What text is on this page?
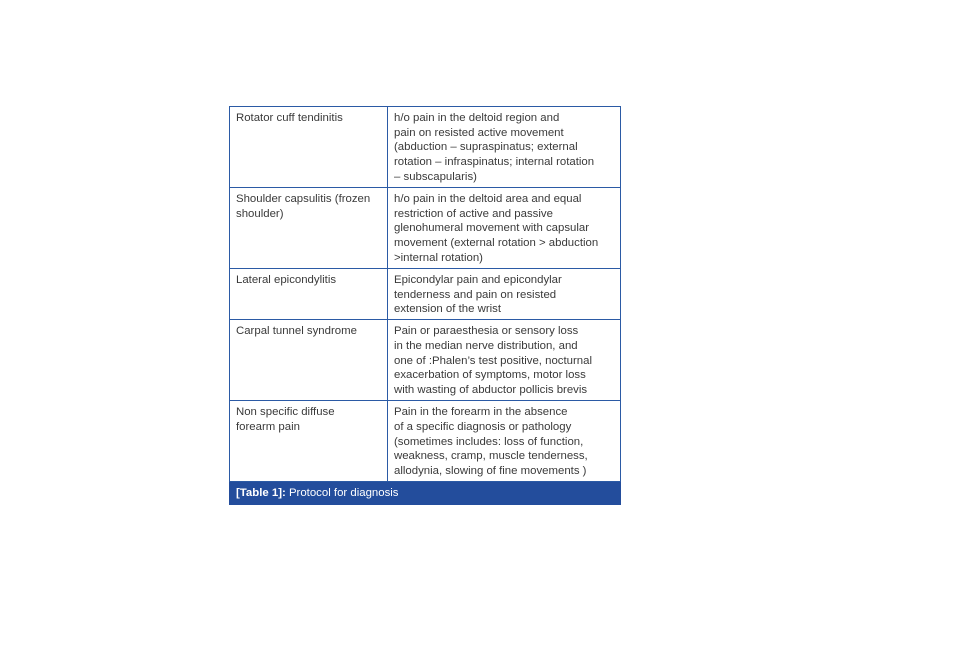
Rotator cuff tendinitis	h/o pain in the deltoid region and
pain on resisted active movement
(abduction – supraspinatus; external
rotation – infraspinatus; internal rotation
– subscapularis)

Shoulder capsulitis (frozen
shoulder)	h/o pain in the deltoid area and equal
restriction of active and passive
glenohumeral movement with capsular
movement (external rotation > abduction
>internal rotation)

Lateral epicondylitis	Epicondylar pain and epicondylar
tenderness and pain on resisted
extension of the wrist

Carpal tunnel syndrome	Pain or paraesthesia or sensory loss
in the median nerve distribution, and
one of :Phalen’s test positive, nocturnal
exacerbation of symptoms, motor loss
with wasting of abductor pollicis brevis

Non specific diffuse
forearm pain	Pain in the forearm in the absence
of a specific diagnosis or pathology
(sometimes includes: loss of function,
weakness, cramp, muscle tenderness,
allodynia, slowing of fine movements )
[Table 1]: Protocol for diagnosis
